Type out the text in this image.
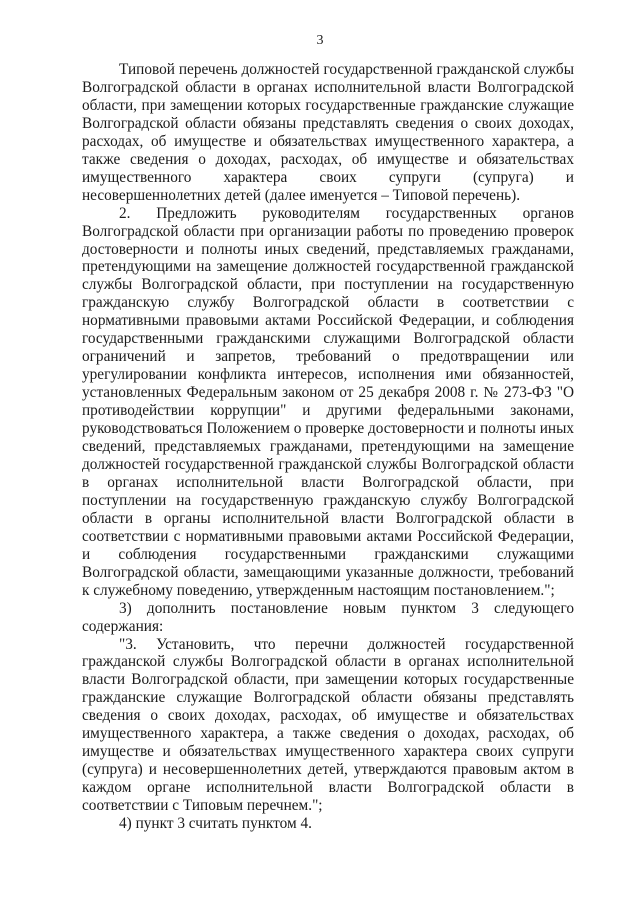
3

Типовой перечень должностей государственной гражданской службы Волгоградской области в органах исполнительной власти Волгоградской области, при замещении которых государственные гражданские служащие Волгоградской области обязаны представлять сведения о своих доходах, расходах, об имуществе и обязательствах имущественного характера, а также сведения о доходах, расходах, об имуществе и обязательствах имущественного характера своих супруги (супруга) и несовершеннолетних детей (далее именуется – Типовой перечень).

2. Предложить руководителям государственных органов Волгоградской области при организации работы по проведению проверок достоверности и полноты иных сведений, представляемых гражданами, претендующими на замещение должностей государственной гражданской службы Волгоградской области, при поступлении на государственную гражданскую службу Волгоградской области в соответствии с нормативными правовыми актами Российской Федерации, и соблюдения государственными гражданскими служащими Волгоградской области ограничений и запретов, требований о предотвращении или урегулировании конфликта интересов, исполнения ими обязанностей, установленных Федеральным законом от 25 декабря 2008 г. № 273-ФЗ "О противодействии коррупции" и другими федеральными законами, руководствоваться Положением о проверке достоверности и полноты иных сведений, представляемых гражданами, претендующими на замещение должностей государственной гражданской службы Волгоградской области в органах исполнительной власти Волгоградской области, при поступлении на государственную гражданскую службу Волгоградской области в органы исполнительной власти Волгоградской области в соответствии с нормативными правовыми актами Российской Федерации, и соблюдения государственными гражданскими служащими Волгоградской области, замещающими указанные должности, требований к служебному поведению, утвержденным настоящим постановлением.";

3) дополнить постановление новым пунктом 3 следующего содержания:

"3. Установить, что перечни должностей государственной гражданской службы Волгоградской области в органах исполнительной власти Волгоградской области, при замещении которых государственные гражданские служащие Волгоградской области обязаны представлять сведения о своих доходах, расходах, об имуществе и обязательствах имущественного характера, а также сведения о доходах, расходах, об имуществе и обязательствах имущественного характера своих супруги (супруга) и несовершеннолетних детей, утверждаются правовым актом в каждом органе исполнительной власти Волгоградской области в соответствии с Типовым перечнем.";

4) пункт 3 считать пунктом 4.
